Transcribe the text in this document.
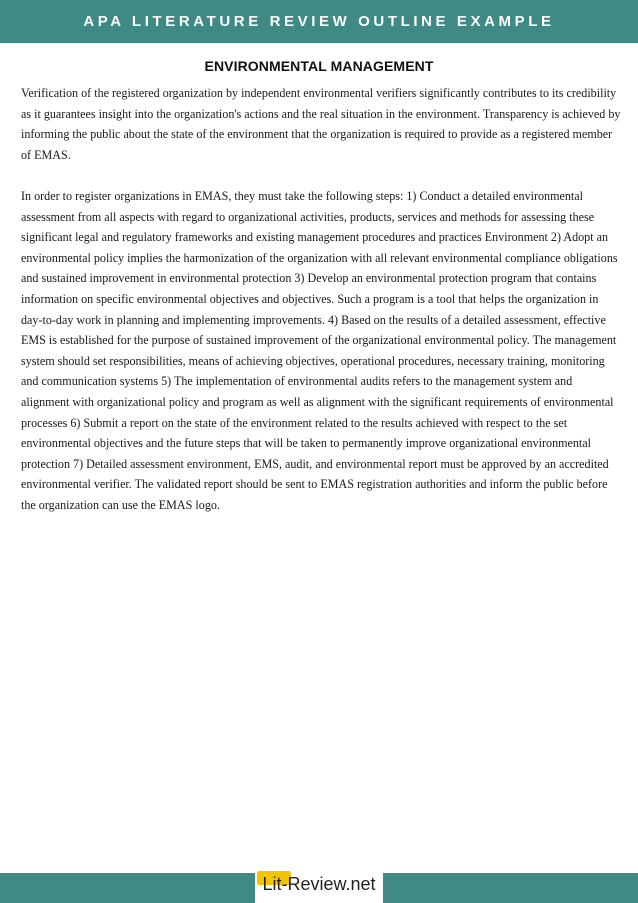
APA LITERATURE REVIEW OUTLINE EXAMPLE
ENVIRONMENTAL MANAGEMENT

Verification of the registered organization by independent environmental verifiers significantly contributes to its credibility as it guarantees insight into the organization's actions and the real situation in the environment. Transparency is achieved by informing the public about the state of the environment that the organization is required to provide as a registered member of EMAS.

In order to register organizations in EMAS, they must take the following steps: 1) Conduct a detailed environmental assessment from all aspects with regard to organizational activities, products, services and methods for assessing these significant legal and regulatory frameworks and existing management procedures and practices Environment 2) Adopt an environmental policy implies the harmonization of the organization with all relevant environmental compliance obligations and sustained improvement in environmental protection 3) Develop an environmental protection program that contains information on specific environmental objectives and objectives. Such a program is a tool that helps the organization in day-to-day work in planning and implementing improvements. 4) Based on the results of a detailed assessment, effective EMS is established for the purpose of sustained improvement of the organizational environmental policy. The management system should set responsibilities, means of achieving objectives, operational procedures, necessary training, monitoring and communication systems 5) The implementation of environmental audits refers to the management system and alignment with organizational policy and program as well as alignment with the significant requirements of environmental processes 6) Submit a report on the state of the environment related to the results achieved with respect to the set environmental objectives and the future steps that will be taken to permanently improve organizational environmental protection 7) Detailed assessment environment, EMS, audit, and environmental report must be approved by an accredited environmental verifier. The validated report should be sent to EMAS registration authorities and inform the public before the organization can use the EMAS logo.

Lit-Review.net
